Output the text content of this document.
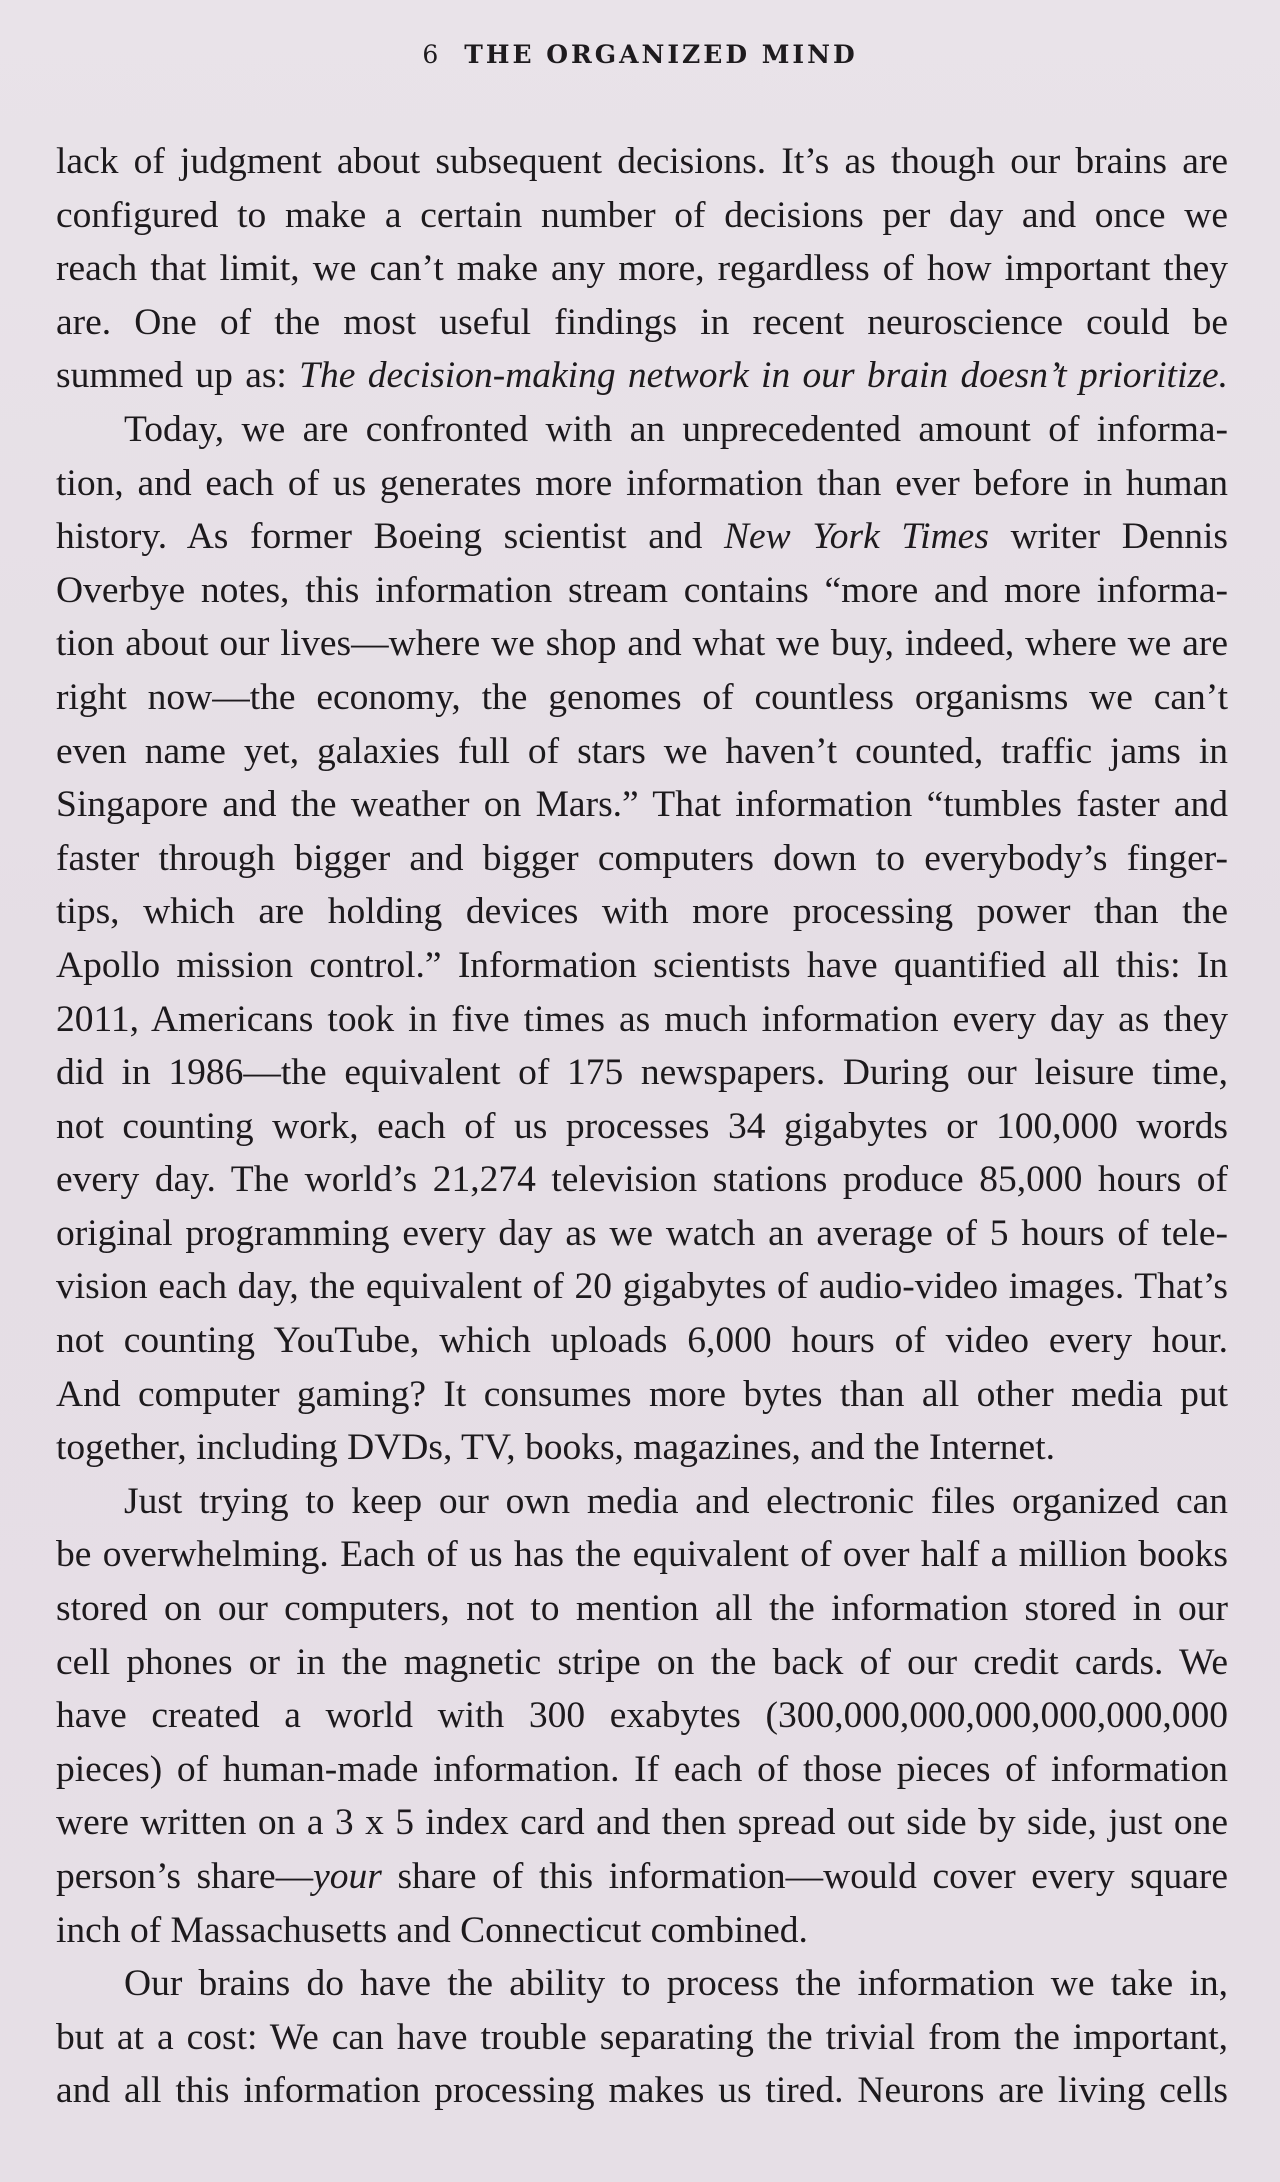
6 THE ORGANIZED MIND
lack of judgment about subsequent decisions. It’s as though our brains are
configured to make a certain number of decisions per day and once we
reach that limit, we can’t make any more, regardless of how important they
are. One of the most useful findings in recent neuroscience could be
summed up as: The decision-making network in our brain doesn’t prioritize.
Today, we are confronted with an unprecedented amount of informa-
tion, and each of us generates more information than ever before in human
history. As former Boeing scientist and New York Times writer Dennis
Overbye notes, this information stream contains “more and more informa-
tion about our lives—where we shop and what we buy, indeed, where we are
right now—the economy, the genomes of countless organisms we can’t
even name yet, galaxies full of stars we haven’t counted, traffic jams in
Singapore and the weather on Mars.” That information “tumbles faster and
faster through bigger and bigger computers down to everybody’s finger-
tips, which are holding devices with more processing power than the
Apollo mission control.” Information scientists have quantified all this: In
2011, Americans took in five times as much information every day as they
did in 1986—the equivalent of 175 newspapers. During our leisure time,
not counting work, each of us processes 34 gigabytes or 100,000 words
every day. The world’s 21,274 television stations produce 85,000 hours of
original programming every day as we watch an average of 5 hours of tele-
vision each day, the equivalent of 20 gigabytes of audio-video images. That’s
not counting YouTube, which uploads 6,000 hours of video every hour.
And computer gaming? It consumes more bytes than all other media put
together, including DVDs, TV, books, magazines, and the Internet.
Just trying to keep our own media and electronic files organized can
be overwhelming. Each of us has the equivalent of over half a million books
stored on our computers, not to mention all the information stored in our
cell phones or in the magnetic stripe on the back of our credit cards. We
have created a world with 300 exabytes (300,000,000,000,000,000,000
pieces) of human-made information. If each of those pieces of information
were written on a 3 x 5 index card and then spread out side by side, just one
person’s share—your share of this information—would cover every square
inch of Massachusetts and Connecticut combined.
Our brains do have the ability to process the information we take in,
but at a cost: We can have trouble separating the trivial from the important,
and all this information processing makes us tired. Neurons are living cells
